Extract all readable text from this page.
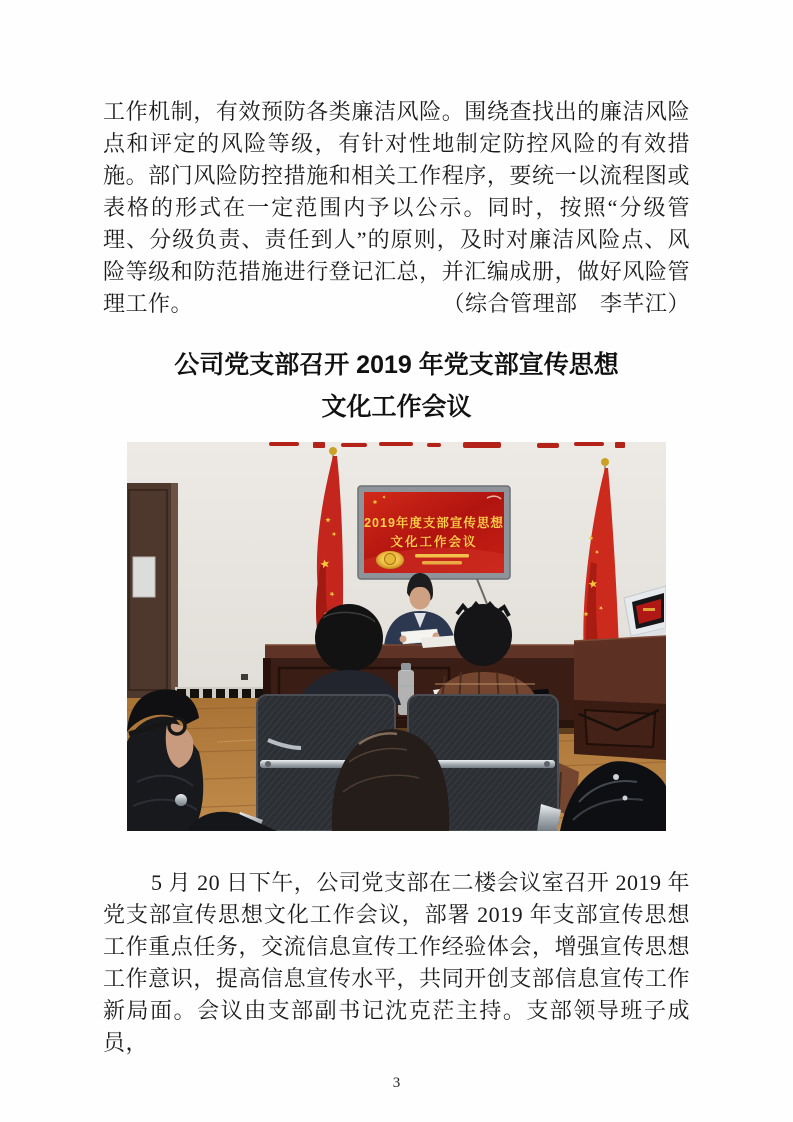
工作机制，有效预防各类廉洁风险。围绕查找出的廉洁风险点和评定的风险等级，有针对性地制定防控风险的有效措施。部门风险防控措施和相关工作程序，要统一以流程图或表格的形式在一定范围内予以公示。同时，按照“分级管理、分级负责、责任到人”的原则，及时对廉洁风险点、风险等级和防范措施进行登记汇总，并汇编成册，做好风险管理工作。	（综合管理部　李芊江）

公司党支部召开 2019 年党支部宣传思想
文化工作会议
2019年度支部宣传思想
文化工作会议

5 月 20 日下午，公司党支部在二楼会议室召开 2019 年党支部宣传思想文化工作会议，部署 2019 年支部宣传思想工作重点任务，交流信息宣传工作经验体会，增强宣传思想工作意识，提高信息宣传水平，共同开创支部信息宣传工作新局面。会议由支部副书记沈克茫主持。支部领导班子成员，

3
